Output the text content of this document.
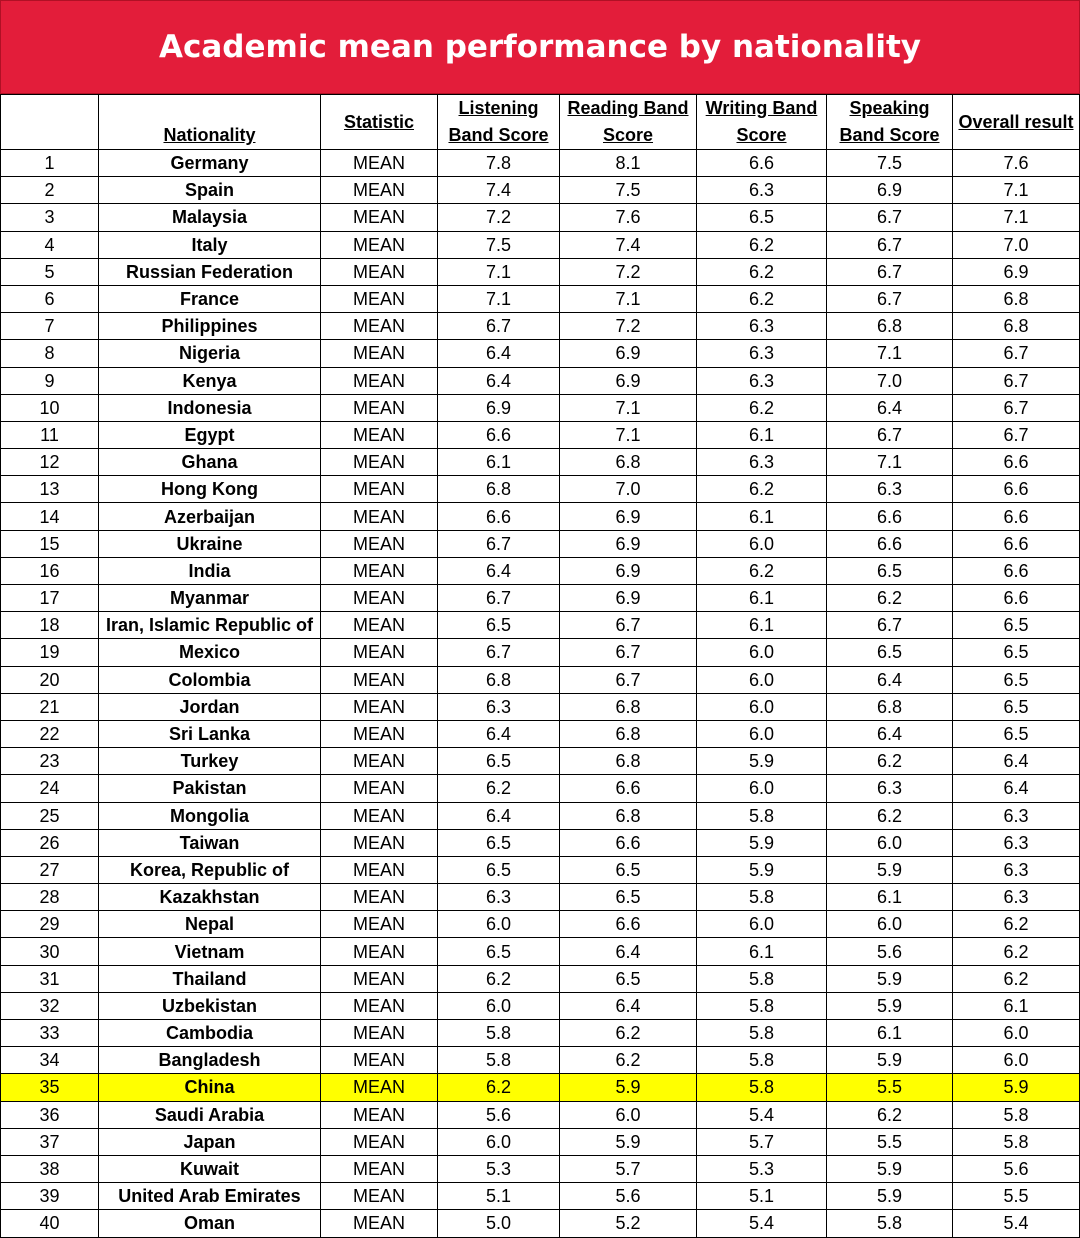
Academic mean performance by nationality
	Nationality	Statistic	Listening Band Score	Reading Band Score	Writing Band Score	Speaking Band Score	Overall result
1	Germany	MEAN	7.8	8.1	6.6	7.5	7.6
2	Spain	MEAN	7.4	7.5	6.3	6.9	7.1
3	Malaysia	MEAN	7.2	7.6	6.5	6.7	7.1
4	Italy	MEAN	7.5	7.4	6.2	6.7	7.0
5	Russian Federation	MEAN	7.1	7.2	6.2	6.7	6.9
6	France	MEAN	7.1	7.1	6.2	6.7	6.8
7	Philippines	MEAN	6.7	7.2	6.3	6.8	6.8
8	Nigeria	MEAN	6.4	6.9	6.3	7.1	6.7
9	Kenya	MEAN	6.4	6.9	6.3	7.0	6.7
10	Indonesia	MEAN	6.9	7.1	6.2	6.4	6.7
11	Egypt	MEAN	6.6	7.1	6.1	6.7	6.7
12	Ghana	MEAN	6.1	6.8	6.3	7.1	6.6
13	Hong Kong	MEAN	6.8	7.0	6.2	6.3	6.6
14	Azerbaijan	MEAN	6.6	6.9	6.1	6.6	6.6
15	Ukraine	MEAN	6.7	6.9	6.0	6.6	6.6
16	India	MEAN	6.4	6.9	6.2	6.5	6.6
17	Myanmar	MEAN	6.7	6.9	6.1	6.2	6.6
18	Iran, Islamic Republic of	MEAN	6.5	6.7	6.1	6.7	6.5
19	Mexico	MEAN	6.7	6.7	6.0	6.5	6.5
20	Colombia	MEAN	6.8	6.7	6.0	6.4	6.5
21	Jordan	MEAN	6.3	6.8	6.0	6.8	6.5
22	Sri Lanka	MEAN	6.4	6.8	6.0	6.4	6.5
23	Turkey	MEAN	6.5	6.8	5.9	6.2	6.4
24	Pakistan	MEAN	6.2	6.6	6.0	6.3	6.4
25	Mongolia	MEAN	6.4	6.8	5.8	6.2	6.3
26	Taiwan	MEAN	6.5	6.6	5.9	6.0	6.3
27	Korea, Republic of	MEAN	6.5	6.5	5.9	5.9	6.3
28	Kazakhstan	MEAN	6.3	6.5	5.8	6.1	6.3
29	Nepal	MEAN	6.0	6.6	6.0	6.0	6.2
30	Vietnam	MEAN	6.5	6.4	6.1	5.6	6.2
31	Thailand	MEAN	6.2	6.5	5.8	5.9	6.2
32	Uzbekistan	MEAN	6.0	6.4	5.8	5.9	6.1
33	Cambodia	MEAN	5.8	6.2	5.8	6.1	6.0
34	Bangladesh	MEAN	5.8	6.2	5.8	5.9	6.0
35	China	MEAN	6.2	5.9	5.8	5.5	5.9
36	Saudi Arabia	MEAN	5.6	6.0	5.4	6.2	5.8
37	Japan	MEAN	6.0	5.9	5.7	5.5	5.8
38	Kuwait	MEAN	5.3	5.7	5.3	5.9	5.6
39	United Arab Emirates	MEAN	5.1	5.6	5.1	5.9	5.5
40	Oman	MEAN	5.0	5.2	5.4	5.8	5.4
